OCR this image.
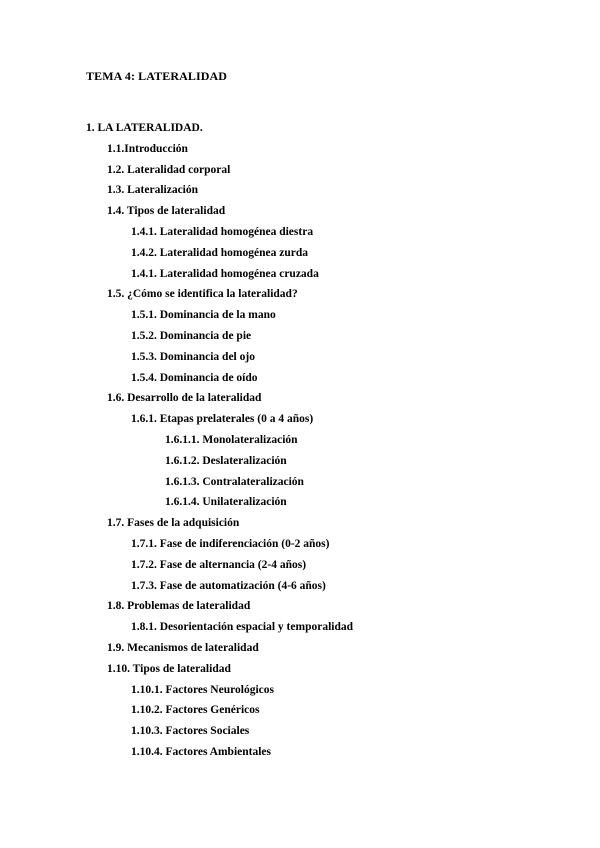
TEMA 4: LATERALIDAD
1. LA LATERALIDAD.
1.1.Introducción
1.2. Lateralidad corporal
1.3. Lateralización
1.4. Tipos de lateralidad
1.4.1. Lateralidad homogénea diestra
1.4.2. Lateralidad homogénea zurda
1.4.1. Lateralidad homogénea cruzada
1.5. ¿Cómo se identifica la lateralidad?
1.5.1. Dominancia de la mano
1.5.2. Dominancia de pie
1.5.3. Dominancia del ojo
1.5.4. Dominancia de oído
1.6. Desarrollo de la lateralidad
1.6.1. Etapas prelaterales (0 a 4 años)
1.6.1.1. Monolateralización
1.6.1.2. Deslateralización
1.6.1.3. Contralateralización
1.6.1.4. Unilateralización
1.7. Fases de la adquisición
1.7.1. Fase de indiferenciación (0-2 años)
1.7.2. Fase de alternancia (2-4 años)
1.7.3. Fase de automatización (4-6 años)
1.8. Problemas de lateralidad
1.8.1. Desorientación espacial y temporalidad
1.9. Mecanismos de lateralidad
1.10. Tipos de lateralidad
1.10.1. Factores Neurológicos
1.10.2. Factores Genéricos
1.10.3. Factores Sociales
1.10.4. Factores Ambientales
